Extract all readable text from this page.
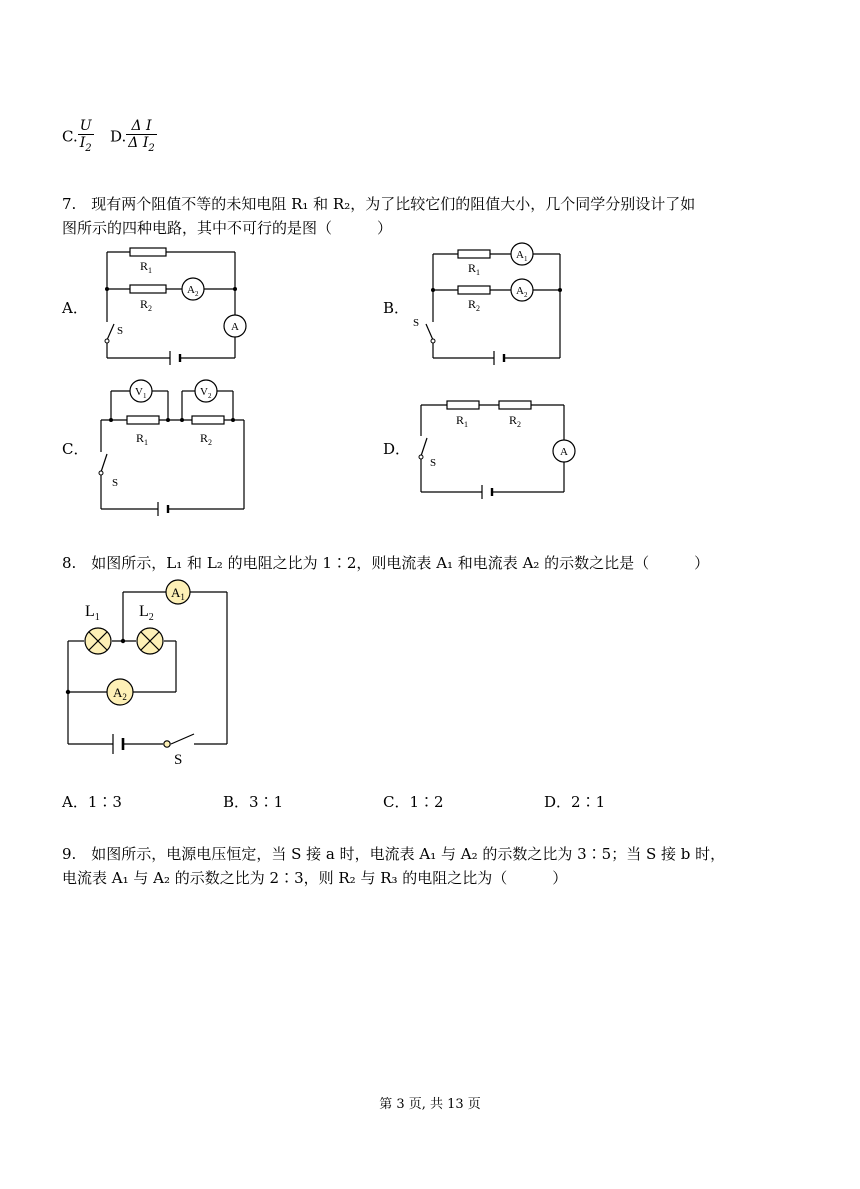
C. $\frac{U}{I_2} D$. $\frac{\text{Δ I}}{\Delta I_2}$
7.　现有两个阻值不等的未知电阻 R₁ 和 R₂，为了比较它们的阻值大小，几个同学分别设计了如
图所示的四种电路，其中不可行的是图（　　　）
A．	B．
C．	D．
$R_1$
$R_2$
$A_2$
A
S
$R_1$
$R_2$
$A_1$
$A_2$
S
$R_1$	$R_2$
$V_1$	$V_2$
S
$R_1$	$R_2$
A
S
8.　如图所示，L₁ 和 L₂ 的电阻之比为 1∶2，则电流表 A₁ 和电流表 A₂ 的示数之比是（　　　）
$A_1$
$A_2$
$L_1$ $L_2$
S
A．1∶3	B．3∶1	C．1∶2	D．2∶1
9.　如图所示，电源电压恒定，当 S 接 a 时，电流表 A₁ 与 A₂ 的示数之比为 3∶5；当 S 接 b 时，
电流表 A₁ 与 A₂ 的示数之比为 2∶3，则 R₂ 与 R₃ 的电阻之比为（　　　）
第 3 页, 共 13 页
